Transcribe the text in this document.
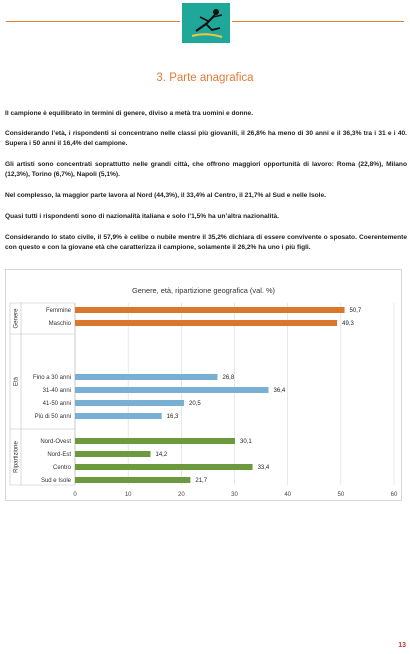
3. Parte anagrafica
Il campione è equilibrato in termini di genere, diviso a metà tra uomini e donne.
Considerando l’età, i rispondenti si concentrano nelle classi più giovanili, il 26,8% ha meno di 30 anni e il 36,3% tra i 31 e i 40. Supera i 50 anni il 16,4% del campione.
Gli artisti sono concentrati soprattutto nelle grandi città, che offrono maggiori opportunità di lavoro: Roma (22,8%), Milano (12,3%), Torino (6,7%), Napoli (5,1%).
Nel complesso, la maggior parte lavora al Nord (44,3%), il 33,4% al Centro, il 21,7% al Sud e nelle Isole.
Quasi tutti i rispondenti sono di nazionalità italiana e solo l’1,5% ha un’altra nazionalità.
Considerando lo stato civile, il 57,9% è celibe o nubile mentre il 35,2% dichiara di essere convivente o sposato. Coerentemente con questo e con la giovane età che caratterizza il campione, solamente il 26,2% ha uno i più figli.
Genere, età, ripartizione geografica (val. %)
0	10	20	30	40	50	60
Genere	Femmine	50,7
Maschio	49,3
Età Fino a 30 anni	26,8
31-40 anni	36,4
41-50 anni	20,5
Più di 50 anni	16,3
Ripartizione	Nord-Ovest	30,1
Nord-Est	14,2
Centro	33,4
Sud e Isole	21,7
13
